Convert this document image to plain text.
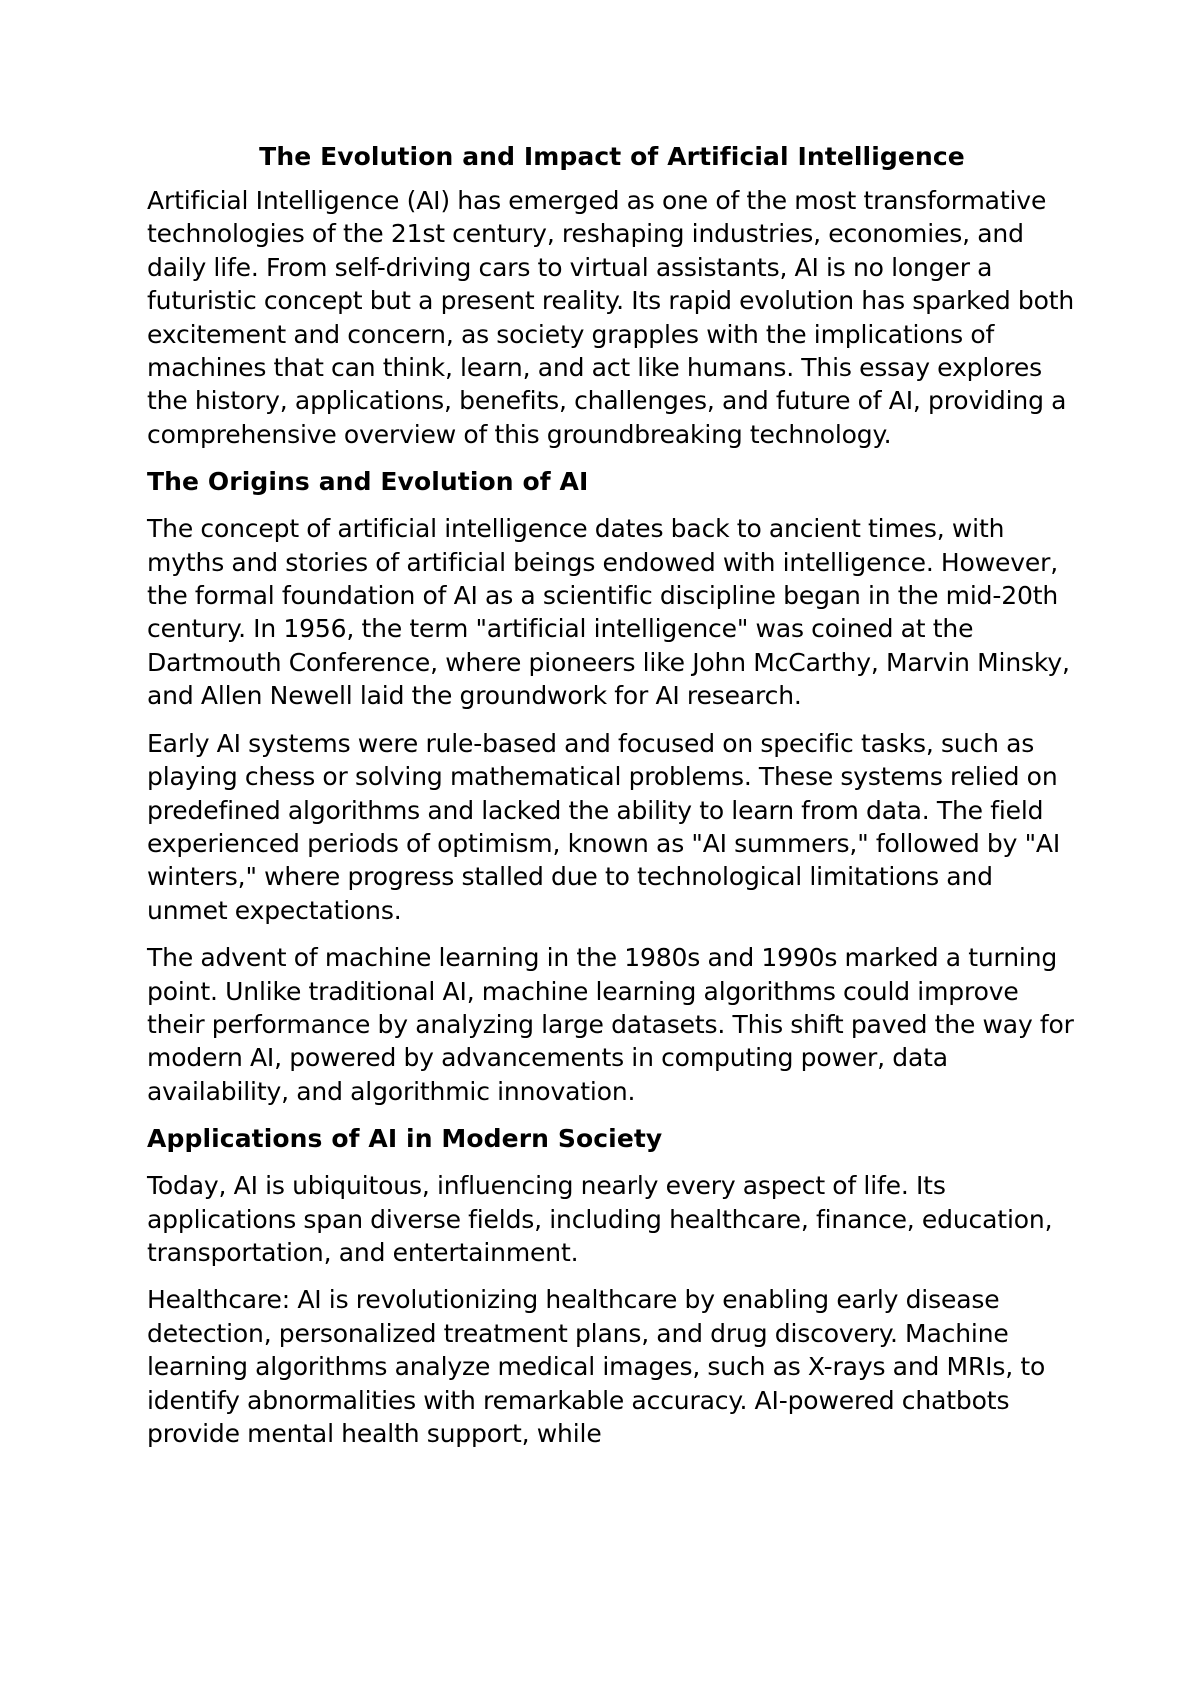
The Evolution and Impact of Artificial Intelligence

Artificial Intelligence (AI) has emerged as one of the most transformative technologies of the 21st century, reshaping industries, economies, and daily life. From self-driving cars to virtual assistants, AI is no longer a futuristic concept but a present reality. Its rapid evolution has sparked both excitement and concern, as society grapples with the implications of machines that can think, learn, and act like humans. This essay explores the history, applications, benefits, challenges, and future of AI, providing a comprehensive overview of this groundbreaking technology.

The Origins and Evolution of AI

The concept of artificial intelligence dates back to ancient times, with myths and stories of artificial beings endowed with intelligence. However, the formal foundation of AI as a scientific discipline began in the mid-20th century. In 1956, the term "artificial intelligence" was coined at the Dartmouth Conference, where pioneers like John McCarthy, Marvin Minsky, and Allen Newell laid the groundwork for AI research.

Early AI systems were rule-based and focused on specific tasks, such as playing chess or solving mathematical problems. These systems relied on predefined algorithms and lacked the ability to learn from data. The field experienced periods of optimism, known as "AI summers," followed by "AI winters," where progress stalled due to technological limitations and unmet expectations.

The advent of machine learning in the 1980s and 1990s marked a turning point. Unlike traditional AI, machine learning algorithms could improve their performance by analyzing large datasets. This shift paved the way for modern AI, powered by advancements in computing power, data availability, and algorithmic innovation.

Applications of AI in Modern Society

Today, AI is ubiquitous, influencing nearly every aspect of life. Its applications span diverse fields, including healthcare, finance, education, transportation, and entertainment.

Healthcare: AI is revolutionizing healthcare by enabling early disease detection, personalized treatment plans, and drug discovery. Machine learning algorithms analyze medical images, such as X-rays and MRIs, to identify abnormalities with remarkable accuracy. AI-powered chatbots provide mental health support, while
